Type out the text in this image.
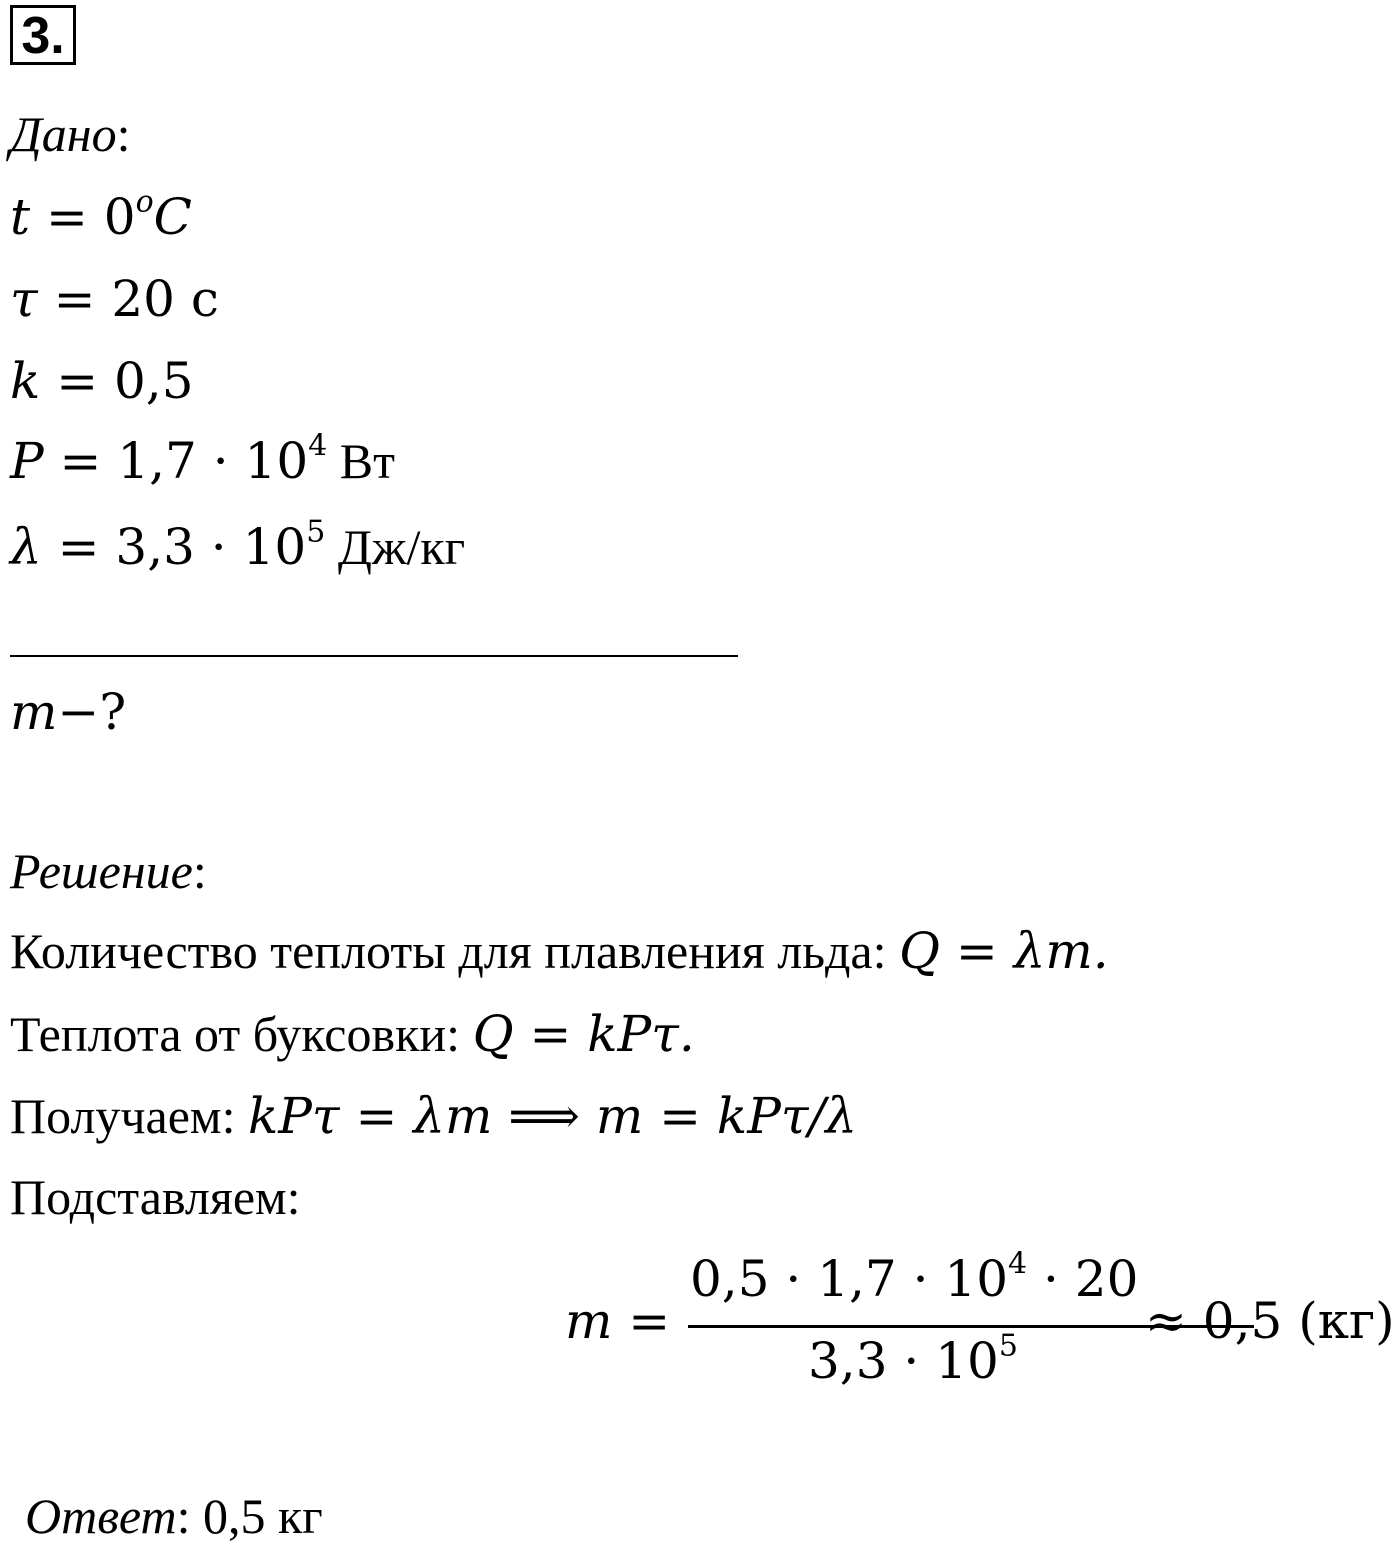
3.
Дано:
$t = 0^oC$
τ = 20 с
k = 0,5
$P = 1,7 \cdot 10^4$ Вт
$\lambda = 3,3 \cdot 10^5$ Дж/кг
m−?
Решение:
Количество теплоты для плавления льда: Q = λm.
Теплота от буксовки: Q = kPτ.
Получаем: kPτ = λm ⟹ m = kPτ/λ
Подставляем:
m =
$0,5 \cdot 1,7 \cdot 10^4 \cdot 20$
$3,3 \cdot 10^5$	≈ 0,5 (кг)
Ответ: 0,5 кг
